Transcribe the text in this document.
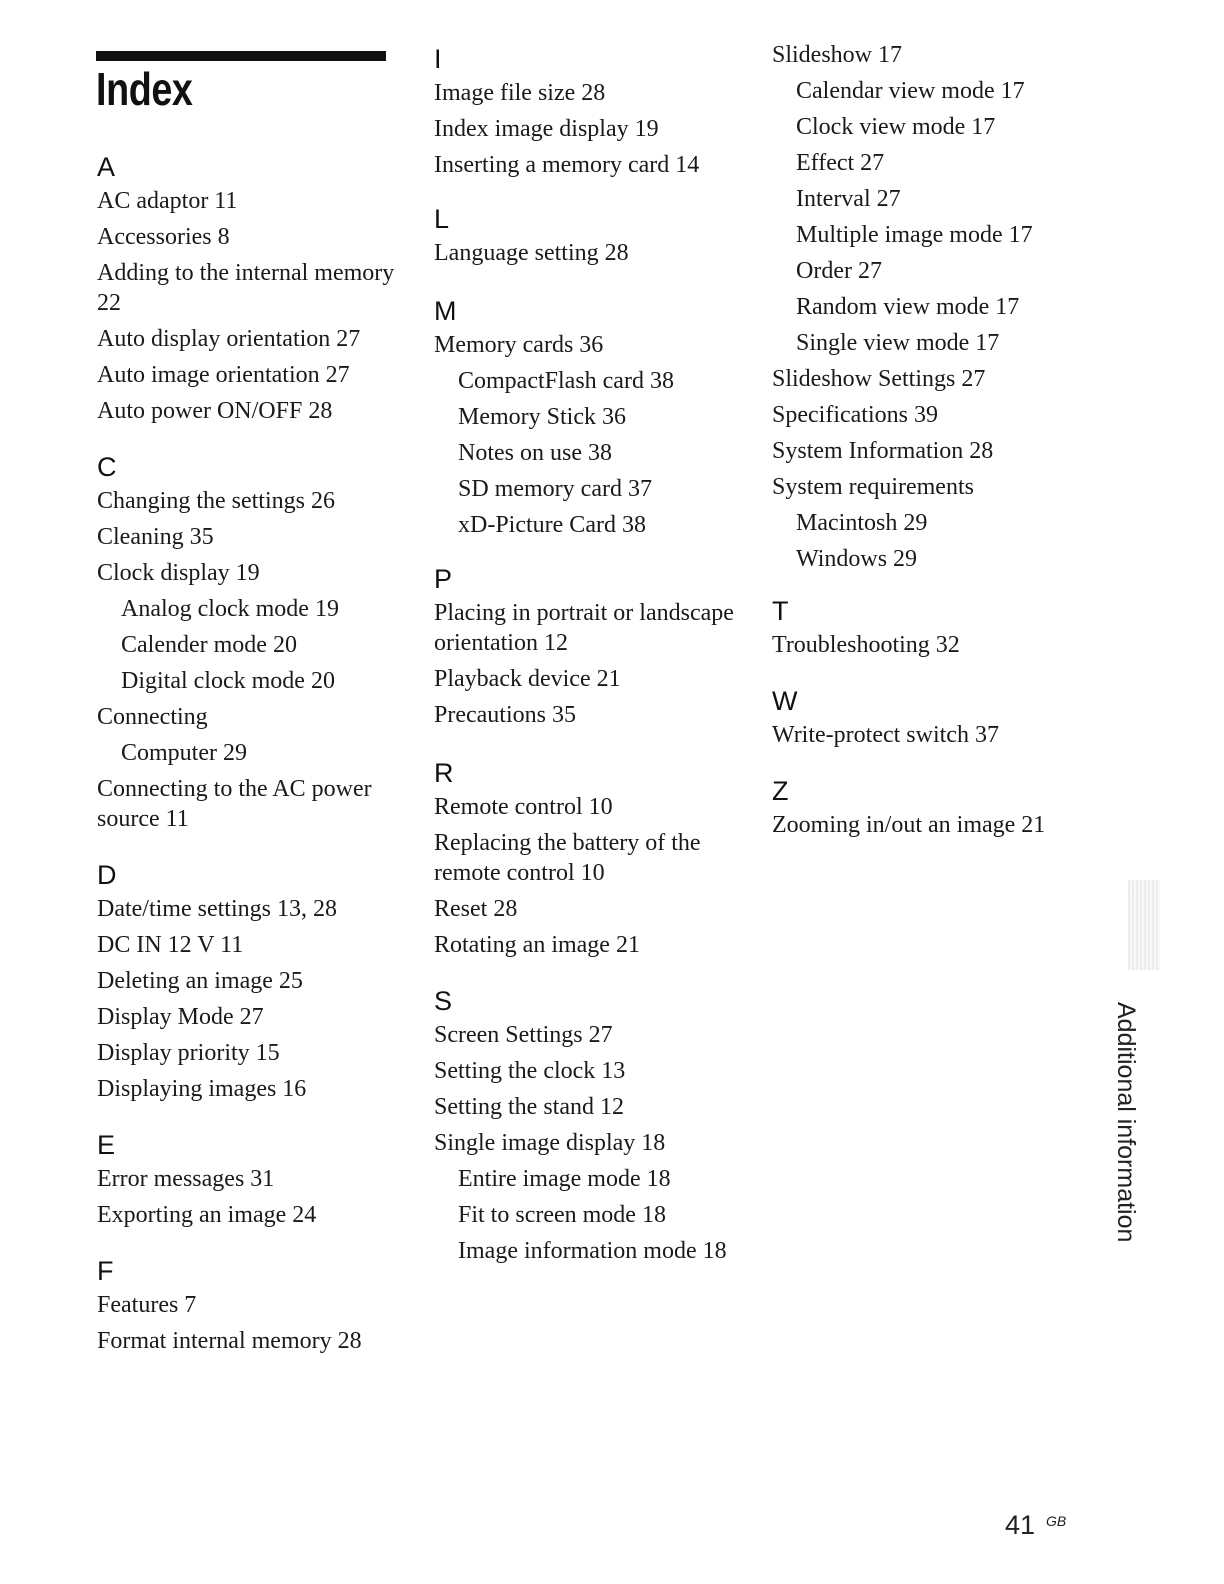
Index
A
AC adaptor 11
Accessories 8
Adding to the internal memory 22
Auto display orientation 27
Auto image orientation 27
Auto power ON/OFF 28
C
Changing the settings 26
Cleaning 35
Clock display 19
Analog clock mode 19
Calender mode 20
Digital clock mode 20
Connecting
Computer 29
Connecting to the AC power source 11
D
Date/time settings 13, 28
DC IN 12 V 11
Deleting an image 25
Display Mode 27
Display priority 15
Displaying images 16
E
Error messages 31
Exporting an image 24
F
Features 7
Format internal memory 28
I
Image file size 28
Index image display 19
Inserting a memory card 14
L
Language setting 28
M
Memory cards 36
CompactFlash card 38
Memory Stick 36
Notes on use 38
SD memory card 37
xD-Picture Card 38
P
Placing in portrait or landscape orientation 12
Playback device 21
Precautions 35
R
Remote control 10
Replacing the battery of the remote control 10
Reset 28
Rotating an image 21
S
Screen Settings 27
Setting the clock 13
Setting the stand 12
Single image display 18
Entire image mode 18
Fit to screen mode 18
Image information mode 18
Slideshow 17
Calendar view mode 17
Clock view mode 17
Effect 27
Interval 27
Multiple image mode 17
Order 27
Random view mode 17
Single view mode 17
Slideshow Settings 27
Specifications 39
System Information 28
System requirements
Macintosh 29
Windows 29
T
Troubleshooting 32
W
Write-protect switch 37
Z
Zooming in/out an image 21
Additional information
41 GB
